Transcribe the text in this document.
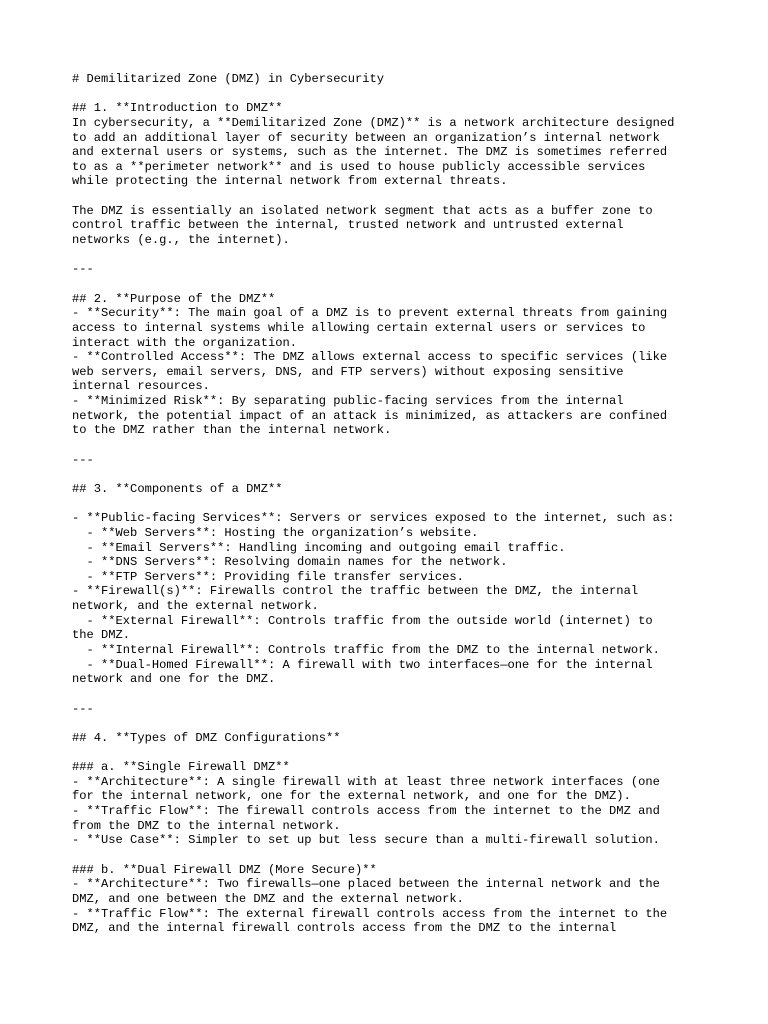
# Demilitarized Zone (DMZ) in Cybersecurity
## 1. **Introduction to DMZ**
In cybersecurity, a **Demilitarized Zone (DMZ)** is a network architecture designed
to add an additional layer of security between an organization’s internal network
and external users or systems, such as the internet. The DMZ is sometimes referred
to as a **perimeter network** and is used to house publicly accessible services
while protecting the internal network from external threats.
The DMZ is essentially an isolated network segment that acts as a buffer zone to
control traffic between the internal, trusted network and untrusted external
networks (e.g., the internet).
---
## 2. **Purpose of the DMZ**
- **Security**: The main goal of a DMZ is to prevent external threats from gaining
access to internal systems while allowing certain external users or services to
interact with the organization.
- **Controlled Access**: The DMZ allows external access to specific services (like
web servers, email servers, DNS, and FTP servers) without exposing sensitive
internal resources.
- **Minimized Risk**: By separating public-facing services from the internal
network, the potential impact of an attack is minimized, as attackers are confined
to the DMZ rather than the internal network.
---
## 3. **Components of a DMZ**
- **Public-facing Services**: Servers or services exposed to the internet, such as:
- **Web Servers**: Hosting the organization’s website.
- **Email Servers**: Handling incoming and outgoing email traffic.
- **DNS Servers**: Resolving domain names for the network.
- **FTP Servers**: Providing file transfer services.
- **Firewall(s)**: Firewalls control the traffic between the DMZ, the internal
network, and the external network.
- **External Firewall**: Controls traffic from the outside world (internet) to
the DMZ.
- **Internal Firewall**: Controls traffic from the DMZ to the internal network.
- **Dual-Homed Firewall**: A firewall with two interfaces—one for the internal
network and one for the DMZ.
---
## 4. **Types of DMZ Configurations**
### a. **Single Firewall DMZ**
- **Architecture**: A single firewall with at least three network interfaces (one
for the internal network, one for the external network, and one for the DMZ).
- **Traffic Flow**: The firewall controls access from the internet to the DMZ and
from the DMZ to the internal network.
- **Use Case**: Simpler to set up but less secure than a multi-firewall solution.
### b. **Dual Firewall DMZ (More Secure)**
- **Architecture**: Two firewalls—one placed between the internal network and the
DMZ, and one between the DMZ and the external network.
- **Traffic Flow**: The external firewall controls access from the internet to the
DMZ, and the internal firewall controls access from the DMZ to the internal
